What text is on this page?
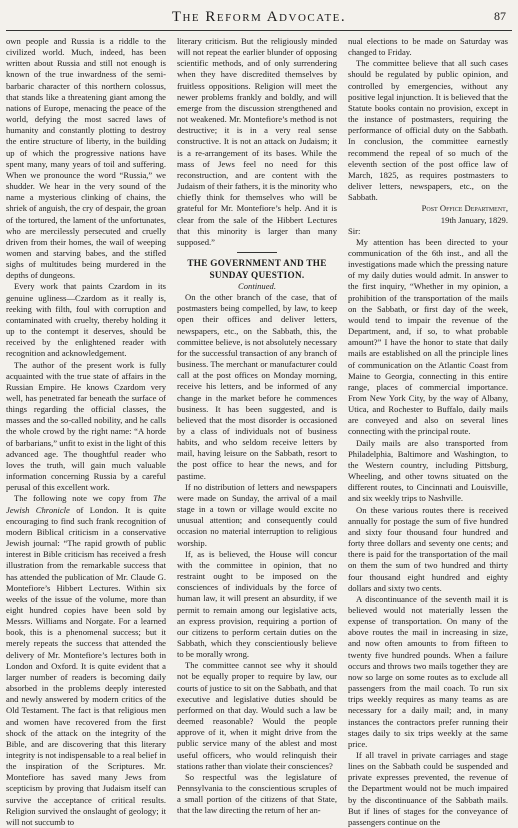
The Reform Advocate.	87

own people and Russia is a riddle to the civilized world. Much, indeed, has been written about Russia and still not enough is known of the true inwardness of the semi-barbaric character of this northern colossus, that stands like a threatening giant among the nations of Europe, menacing the peace of the world, defying the most sacred laws of humanity and constantly plotting to destroy the entire structure of liberty, in the building up of which the progressive nations have spent many, many years of toil and suffering. When we pronounce the word “Russia,” we shudder. We hear in the very sound of the name a mysterious clinking of chains, the shriek of anguish, the cry of despair, the groan of the tortured, the lament of the unfortunates, who are mercilessly persecuted and cruelly driven from their homes, the wail of weeping women and starving babes, and the stifled sighs of multitudes being murdered in the depths of dungeons.

Every work that paints Czardom in its genuine ugliness—Czardom as it really is, reeking with filth, foul with corruption and contaminated with cruelty, thereby holding it up to the contempt it deserves, should be received by the enlightened reader with recognition and acknowledgement.

The author of the present work is fully acquainted with the true state of affairs in the Russian Empire. He knows Czardom very well, has penetrated far beneath the surface of things regarding the official classes, the masses and the so-called nobility, and he calls the whole crowd by the right name: “A horde of barbarians,” unfit to exist in the light of this advanced age. The thoughtful reader who loves the truth, will gain much valuable information concerning Russia by a careful perusal of this excellent work.

The following note we copy from The Jewish Chronicle of London. It is quite encouraging to find such frank recognition of modern Biblical criticism in a conservative Jewish journal: “The rapid growth of public interest in Bible criticism has received a fresh illustration from the remarkable success that has attended the publication of Mr. Claude G. Montefiore’s Hibbert Lectures. Within six weeks of the issue of the volume, more than eight hundred copies have been sold by Messrs. Williams and Norgate. For a learned book, this is a phenomenal success; but it merely repeats the success that attended the delivery of Mr. Montefiore’s lectures both in London and Oxford. It is quite evident that a larger number of readers is becoming daily absorbed in the problems deeply interested and newly answered by modern critics of the Old Testament. The fact is that religious men and women have recovered from the first shock of the attack on the integrity of the Bible, and are discovering that this literary integrity is not indispensable to a real belief in the inspiration of the Scriptures. Mr. Montefiore has saved many Jews from scepticism by proving that Judaism itself can survive the acceptance of critical results. Religion survived the onslaught of geology; it will not succumb to

literary criticism. But the religiously minded will not repeat the earlier blunder of opposing scientific methods, and of only surrendering when they have discredited themselves by fruitless oppositions. Religion will meet the newer problems frankly and boldly, and will emerge from the discussion strengthened and not weakened. Mr. Montefiore’s method is not destructive; it is in a very real sense constructive. It is not an attack on Judaism; it is a re-arrangement of its bases. While the mass of Jews feel no need for this reconstruction, and are content with the Judaism of their fathers, it is the minority who chiefly think for themselves who will be grateful for Mr. Montefiore’s help. And it is clear from the sale of the Hibbert Lectures that this minority is larger than many supposed.”

THE GOVERNMENT AND THE SUNDAY QUESTION.

Continued.

On the other branch of the case, that of postmasters being compelled, by law, to keep open their offices and deliver letters, newspapers, etc., on the Sabbath, this, the committee believe, is not absolutely necessary for the successful transaction of any branch of business. The merchant or manufacturer could call at the post offices on Monday morning, receive his letters, and be informed of any change in the market before he commences business. It has been suggested, and is believed that the most disorder is occasioned by a class of individuals not of business habits, and who seldom receive letters by mail, having leisure on the Sabbath, resort to the post office to hear the news, and for pastime.

If no distribution of letters and newspapers were made on Sunday, the arrival of a mail stage in a town or village would excite no unusual attention; and consequently could occasion no material interruption to religious worship.

If, as is believed, the House will concur with the committee in opinion, that no restraint ought to be imposed on the consciences of individuals by the force of human law, it will present an absurdity, if we permit to remain among our legislative acts, an express provision, requiring a portion of our citizens to perform certain duties on the Sabbath, which they conscientiously believe to be morally wrong.

The committee cannot see why it should not be equally proper to require by law, our courts of justice to sit on the Sabbath, and that executive and legislative duties should be performed on that day. Would such a law be deemed reasonable? Would the people approve of it, when it might drive from the public service many of the ablest and most useful officers, who would relinquish their stations rather than violate their consciences?

So respectful was the legislature of Pennsylvania to the conscientious scruples of a small portion of the citizens of that State, that the law directing the return of her an-

nual elections to be made on Saturday was changed to Friday.

The committee believe that all such cases should be regulated by public opinion, and controlled by emergencies, without any positive legal injunction. It is believed that the Statute books contain no provision, except in the instance of postmasters, requiring the performance of official duty on the Sabbath. In conclusion, the committee earnestly recommend the repeal of so much of the eleventh section of the post office law of March, 1825, as requires postmasters to deliver letters, newspapers, etc., on the Sabbath.

Post Office Department,

19th January, 1829.

Sir:

My attention has been directed to your communication of the 6th inst., and all the investigations made which the pressing nature of my daily duties would admit. In answer to the first inquiry, “Whether in my opinion, a prohibition of the transportation of the mails on the Sabbath, or first day of the week, would tend to impair the revenue of the Department, and, if so, to what probable amount?” I have the honor to state that daily mails are established on all the principle lines of communication on the Atlantic Coast from Maine to Georgia, connecting in this entire range, places of commercial importance. From New York City, by the way of Albany, Utica, and Rochester to Buffalo, daily mails are conveyed and also on several lines connecting with the principal route.

Daily mails are also transported from Philadelphia, Baltimore and Washington, to the Western country, including Pittsburg, Wheeling, and other towns situated on the different routes, to Cincinnati and Louisville, and six weekly trips to Nashville.

On these various routes there is received annually for postage the sum of five hundred and sixty four thousand four hundred and forty three dollars and seventy one cents; and there is paid for the transportation of the mail on them the sum of two hundred and thirty four thousand eight hundred and eighty dollars and sixty two cents.

A discontinuance of the seventh mail it is believed would not materially lessen the expense of transportation. On many of the above routes the mail in increasing in size, and now often amounts to from fifteen to twenty five hundred pounds. When a failure occurs and throws two mails together they are now so large on some routes as to exclude all passengers from the mail coach. To run six trips weekly requires as many teams as are necessary for a daily mail; and, in many instances the contractors prefer running their stages daily to six trips weekly at the same price.

If all travel in private carriages and stage lines on the Sabbath could be suspended and private expresses prevented, the revenue of the Department would not be much impaired by the discontinuance of the Sabbath mails. But if lines of stages for the conveyance of passengers continue on the
